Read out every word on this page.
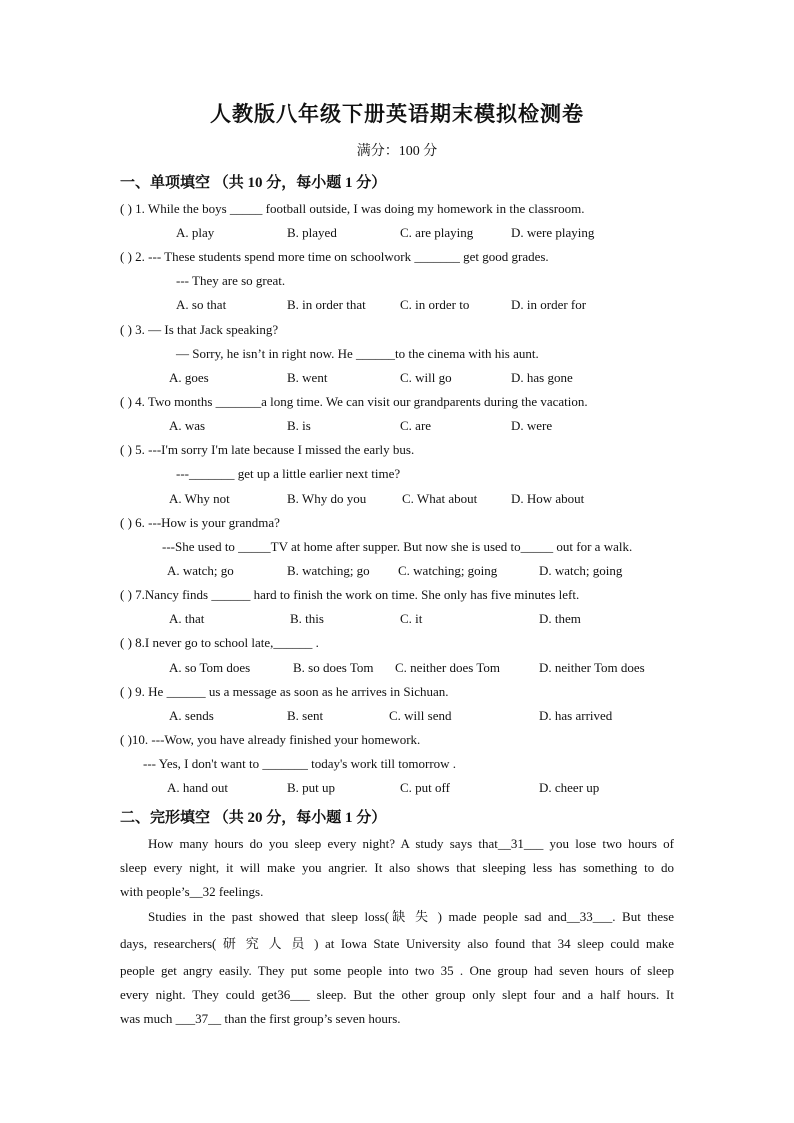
人教版八年级下册英语期末模拟检测卷
满分：100 分
一、单项填空 （共 10 分，每小题 1 分）
( ) 1. While the boys _____ football outside, I was doing my homework in the classroom.
A. play	B. played	C. are playing	D. were playing
( ) 2. --- These students spend more time on schoolwork _______ get good grades.
--- They are so great.
A. so that	B. in order that	C. in order to	D. in order for
( ) 3. — Is that Jack speaking?
— Sorry, he isn’t in right now. He ______to the cinema with his aunt.
A. goes	B. went	C. will go	D. has gone
( ) 4. Two months _______a long time. We can visit our grandparents during the vacation.
A. was	B. is	C. are	D. were
( ) 5. ---I'm sorry I'm late because I missed the early bus.
---_______ get up a little earlier next time?
A. Why not	B. Why do you	C. What about	D. How about
( ) 6. ---How is your grandma?
---She used to _____TV at home after supper. But now she is used to_____ out for a walk.
A. watch; go	B. watching; go C. watching; going	D. watch; going
( ) 7.Nancy finds ______ hard to finish the work on time. She only has five minutes left.
A. that	B. this	C. it	D. them
( ) 8.I never go to school late,______ .
A. so Tom does	B. so does Tom C. neither does Tom	D. neither Tom does
( ) 9. He ______ us a message as soon as he arrives in Sichuan.
A. sends	B. sent	C. will send	D. has arrived
( )10. ---Wow, you have already finished your homework.
--- Yes, I don't want to _______ today's work till tomorrow .
A. hand out	B. put up	C. put off	D. cheer up
二、完形填空 （共 20 分，每小题 1 分）
How many hours do you sleep every night? A study says that__31___ you lose two hours of
sleep every night, it will make you angrier. It also shows that sleeping less has something to do
with people’s__32 feelings.
Studies in the past showed that sleep loss(缺 失 ) made people sad and__33___. But these
days, researchers( 研 究 人 员 ) at Iowa State University also found that 34 sleep could make
people get angry easily. They put some people into two 35 . One group had seven hours of sleep
every night. They could get36___ sleep. But the other group only slept four and a half hours. It
was much ___37__ than the first group’s seven hours.
